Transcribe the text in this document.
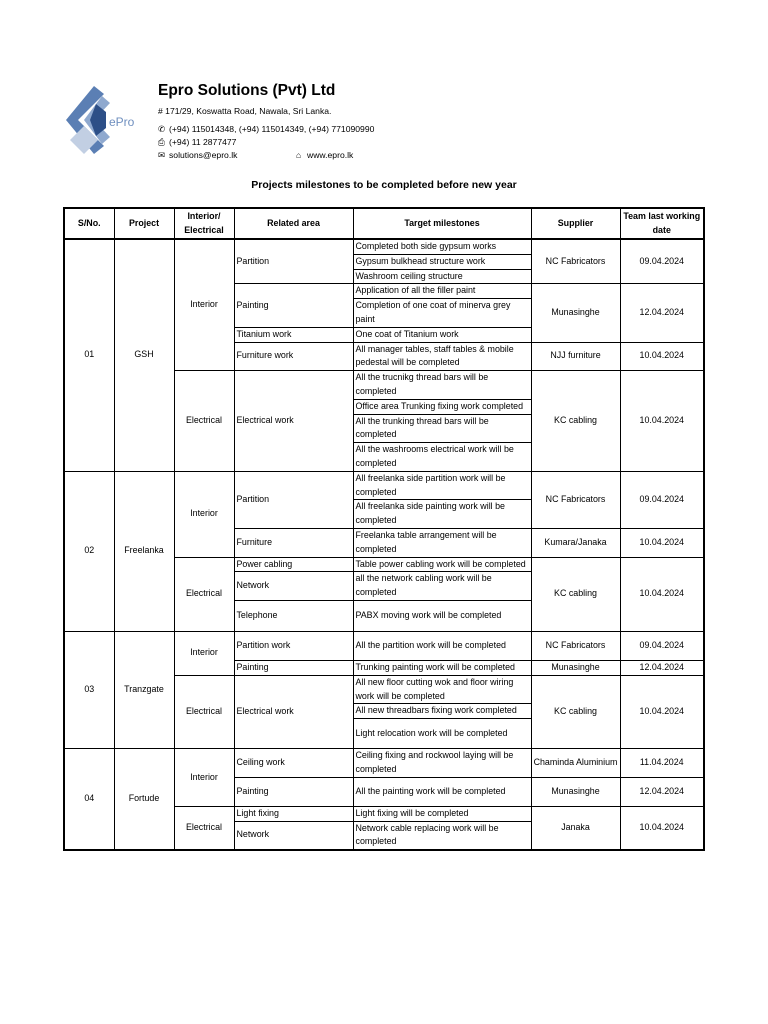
ePro
Epro Solutions (Pvt) Ltd
# 171/29, Koswatta Road, Nawala, Sri Lanka.
✆ (+94) 115014348, (+94) 115014349, (+94) 771090990
⎙ (+94) 11 2877477
✉ solutions@epro.lk	⌂ www.epro.lk
Projects milestones to be completed before new year
S/No.	Project	Interior/ Electrical	Related area	Target milestones	Supplier	Team last working date
01	GSH	Interior	Partition	Completed both side gypsum works	NC Fabricators	09.04.2024
				Gypsum bulkhead structure work		
				Washroom ceiling structure		
			Painting	Application of all the filler paint	Munasinghe	12.04.2024
				Completion of one coat of minerva grey paint		
			Titanium work	One coat of Titanium work		
			Furniture work	All manager tables, staff tables & mobile pedestal will be completed	NJJ furniture	10.04.2024
		Electrical	Electrical work	All the trucnikg thread bars will be completed	KC cabling	10.04.2024
				Office area Trunking fixing work completed		
				All the trunking thread bars will be completed		
				All the washrooms electrical work will be completed		
02	Freelanka	Interior	Partition	All freelanka side partition work will be completed	NC Fabricators	09.04.2024
				All freelanka side painting work will be completed		
			Furniture	Freelanka table arrangement will be completed	Kumara/Janaka	10.04.2024
		Electrical	Power cabling	Table power cabling work will be completed	KC cabling	10.04.2024
			Network	all the network cabling work will be completed		
			Telephone	PABX moving work will be completed		
03	Tranzgate	Interior	Partition work	All the partition work will be completed	NC Fabricators	09.04.2024
			Painting	Trunking painting work will be completed	Munasinghe	12.04.2024
		Electrical	Electrical work	All new floor cutting wok and floor wiring work will be completed	KC cabling	10.04.2024
				All new threadbars fixing work completed		
				Light relocation work will be completed		
04	Fortude	Interior	Ceiling work	Ceiling fixing and rockwool laying will be completed	Chaminda Aluminium	11.04.2024
			Painting	All the painting work will be completed	Munasinghe	12.04.2024
		Electrical	Light fixing	Light fixing will be completed	Janaka	10.04.2024
			Network	Network cable replacing work will be completed		
